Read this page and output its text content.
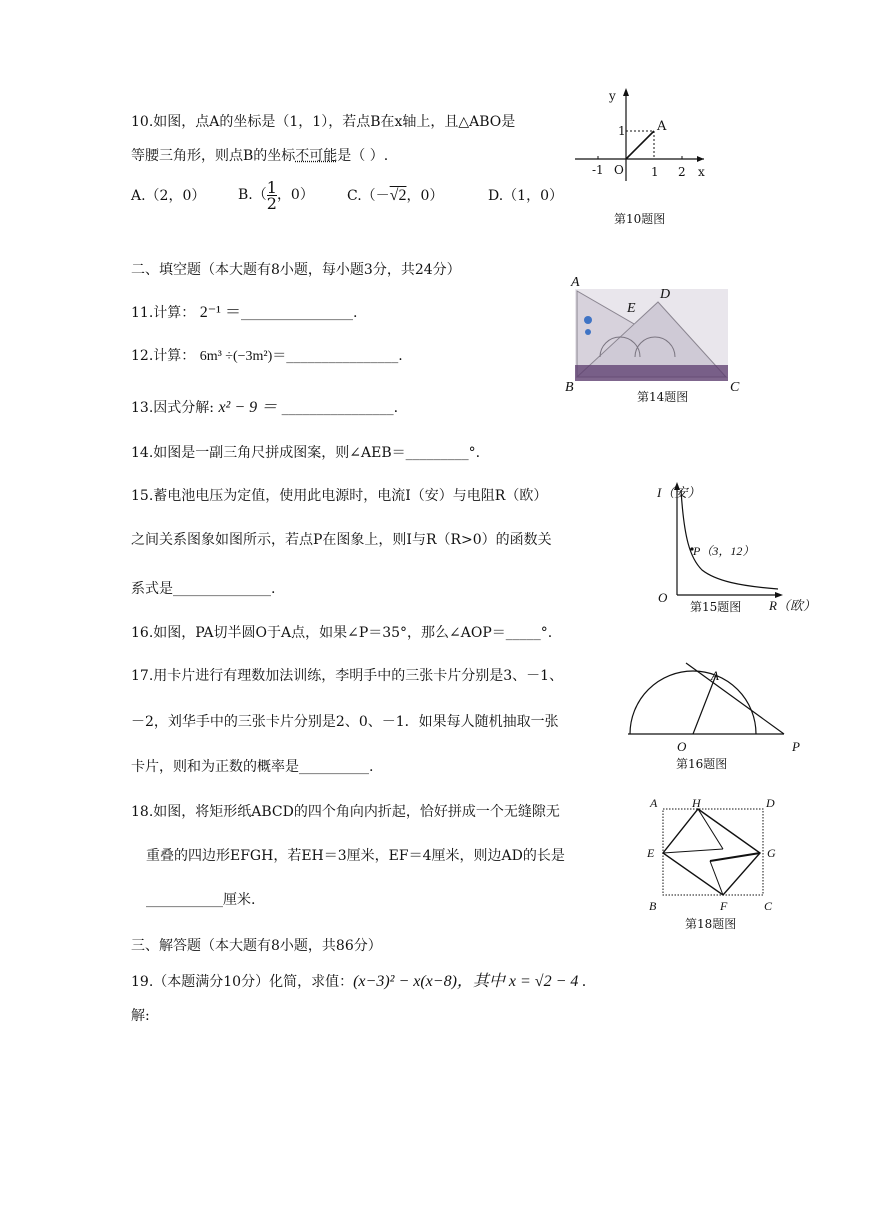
10.如图，点A的坐标是（1，1），若点B在x轴上，且△ABO是
等腰三角形，则点B的坐标不可能是（ ）.
A.（2，0） $B.( \frac{1}{2}$ ，0） C.（－√2，0）	D.（1，0）
y
A
1
-1 O 1 2 x
第10题图
二、填空题（本大题有8小题，每小题3分，共24分）
11.计算： 2⁻¹ ＝________________.
12.计算： 6m³ ÷(−3m²)＝________________.
13.因式分解: x² − 9 ＝ ________________.
A
D
E
B	C
第14题图
14.如图是一副三角尺拼成图案，则∠AEB＝_________°.
15.蓄电池电压为定值，使用此电源时，电流I（安）与电阻R（欧）
之间关系图象如图所示，若点P在图象上，则I与R（R>0）的函数关
系式是______________.
I（安）
P（3，12）
O
第15题图 R（欧）
16.如图，PA切半圆O于A点，如果∠P＝35°，那么∠AOP＝_____°.
A
O	P
第16题图
17.用卡片进行有理数加法训练，李明手中的三张卡片分别是3、－1、
－2，刘华手中的三张卡片分别是2、0、－1．如果每人随机抽取一张
卡片，则和为正数的概率是__________.
18.如图，将矩形纸ABCD的四个角向内折起，恰好拼成一个无缝隙无
重叠的四边形EFGH，若EH＝3厘米，EF＝4厘米，则边AD的长是
___________厘米.
A	H	D
E	G
B	F	C
第18题图
三、解答题（本大题有8小题，共86分）
19.（本题满分10分）化简，求值：(x−3)² − x(x−8)，其中 x = √2 − 4 .
解:
